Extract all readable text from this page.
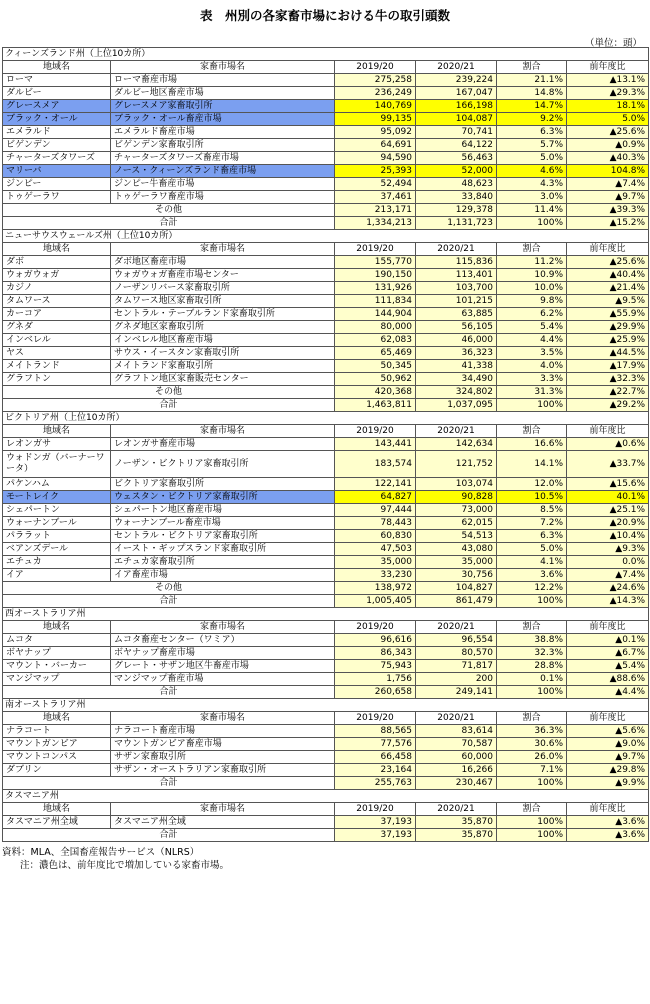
表　州別の各家畜市場における牛の取引頭数
（単位：頭）
クィーンズランド州（上位10カ所）					
地域名	家畜市場名	2019/20	2020/21	割合	前年度比
ローマ	ローマ畜産市場	275,258	239,224	21.1%	▲13.1%
ダルビー	ダルビー地区畜産市場	236,249	167,047	14.8%	▲29.3%
グレースメア	グレースメア家畜取引所	140,769	166,198	14.7%	18.1%
ブラック・オール	ブラック・オール畜産市場	99,135	104,087	9.2%	5.0%
エメラルド	エメラルド畜産市場	95,092	70,741	6.3%	▲25.6%
ビゲンデン	ビゲンデン家畜取引所	64,691	64,122	5.7%	▲0.9%
チャーターズタワーズ	チャーターズタワーズ畜産市場	94,590	56,463	5.0%	▲40.3%
マリーバ	ノース・クィーンズランド畜産市場	25,393	52,000	4.6%	104.8%
ジンピー	ジンピー牛畜産市場	52,494	48,623	4.3%	▲7.4%
トゥゲーラワ	トゥゲーラワ畜産市場	37,461	33,840	3.0%	▲9.7%
その他		213,171	129,378	11.4%	▲39.3%
合計		1,334,213	1,131,723	100%	▲15.2%
ニューサウスウェールズ州（上位10カ所）					
地域名	家畜市場名	2019/20	2020/21	割合	前年度比
ダボ	ダボ地区畜産市場	155,770	115,836	11.2%	▲25.6%
ウォガウォガ	ウォガウォガ畜産市場センター	190,150	113,401	10.9%	▲40.4%
カジノ	ノーザンリバース家畜取引所	131,926	103,700	10.0%	▲21.4%
タムワース	タムワース地区家畜取引所	111,834	101,215	9.8%	▲9.5%
カーコア	セントラル・テーブルランド家畜取引所	144,904	63,885	6.2%	▲55.9%
グネダ	グネダ地区家畜取引所	80,000	56,105	5.4%	▲29.9%
インベレル	インベレル地区畜産市場	62,083	46,000	4.4%	▲25.9%
ヤス	サウス・イースタン家畜取引所	65,469	36,323	3.5%	▲44.5%
メイトランド	メイトランド家畜取引所	50,345	41,338	4.0%	▲17.9%
グラフトン	グラフトン地区家畜販売センター	50,962	34,490	3.3%	▲32.3%
その他		420,368	324,802	31.3%	▲22.7%
合計		1,463,811	1,037,095	100%	▲29.2%
ビクトリア州（上位10カ所）					
地域名	家畜市場名	2019/20	2020/21	割合	前年度比
レオンガサ	レオンガサ畜産市場	143,441	142,634	16.6%	▲0.6%
ウォドンガ（バーナーワータ）	ノーザン・ビクトリア家畜取引所	183,574	121,752	14.1%	▲33.7%
パケンハム	ビクトリア家畜取引所	122,141	103,074	12.0%	▲15.6%
モートレイク	ウェスタン・ビクトリア家畜取引所	64,827	90,828	10.5%	40.1%
シェパートン	シェパートン地区畜産市場	97,444	73,000	8.5%	▲25.1%
ウォーナンブール	ウォーナンブール畜産市場	78,443	62,015	7.2%	▲20.9%
パララット	セントラル・ビクトリア家畜取引所	60,830	54,513	6.3%	▲10.4%
ベアンズデール	イースト・ギップスランド家畜取引所	47,503	43,080	5.0%	▲9.3%
エチュカ	エチュカ家畜取引所	35,000	35,000	4.1%	0.0%
イア	イア畜産市場	33,230	30,756	3.6%	▲7.4%
その他		138,972	104,827	12.2%	▲24.6%
合計		1,005,405	861,479	100%	▲14.3%
西オーストラリア州					
地域名	家畜市場名	2019/20	2020/21	割合	前年度比
ムコタ	ムコタ畜産センター（ワミア）	96,616	96,554	38.8%	▲0.1%
ボヤナップ	ボヤナップ畜産市場	86,343	80,570	32.3%	▲6.7%
マウント・バーカー	グレート・サザン地区牛畜産市場	75,943	71,817	28.8%	▲5.4%
マンジマップ	マンジマップ畜産市場	1,756	200	0.1%	▲88.6%
合計		260,658	249,141	100%	▲4.4%
南オーストラリア州					
地域名	家畜市場名	2019/20	2020/21	割合	前年度比
ナラコート	ナラコート畜産市場	88,565	83,614	36.3%	▲5.6%
マウントガンビア	マウントガンビア畜産市場	77,576	70,587	30.6%	▲9.0%
マウントコンパス	サザン家畜取引所	66,458	60,000	26.0%	▲9.7%
ダブリン	サザン・オーストラリアン家畜取引所	23,164	16,266	7.1%	▲29.8%
合計		255,763	230,467	100%	▲9.9%
タスマニア州					
地域名	家畜市場名	2019/20	2020/21	割合	前年度比
タスマニア州全域	タスマニア州全域	37,193	35,870	100%	▲3.6%
合計		37,193	35,870	100%	▲3.6%
資料：MLA、全国畜産報告サービス（NLRS）
注：濃色は、前年度比で増加している家畜市場。
